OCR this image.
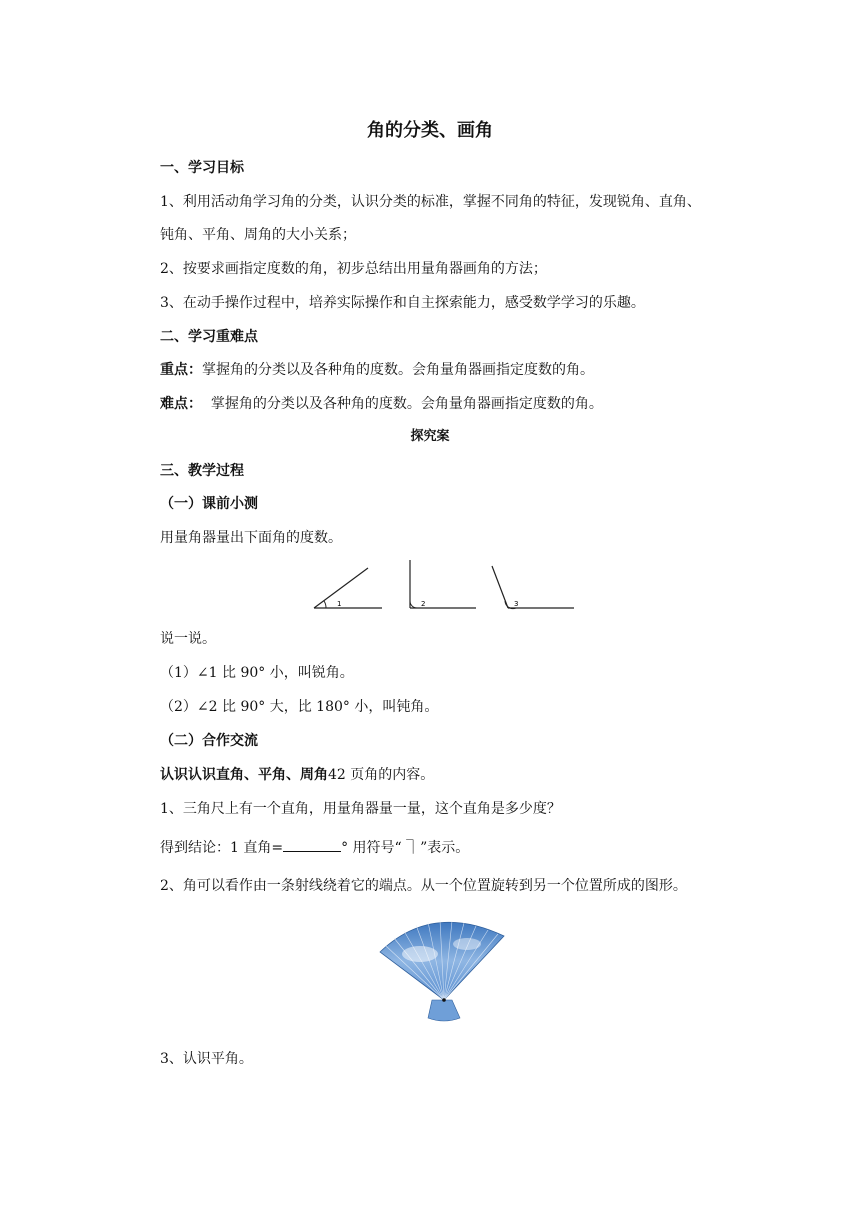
角的分类、画角
一、学习目标
1、利用活动角学习角的分类，认识分类的标准，掌握不同角的特征，发现锐角、直角、
钝角、平角、周角的大小关系；
2、按要求画指定度数的角，初步总结出用量角器画角的方法；
3、在动手操作过程中，培养实际操作和自主探索能力，感受数学学习的乐趣。
二、学习重难点
重点：掌握角的分类以及各种角的度数。会角量角器画指定度数的角。
难点：  掌握角的分类以及各种角的度数。会角量角器画指定度数的角。
探究案
三、教学过程
（一）课前小测
用量角器量出下面角的度数。
1	2	3
说一说。
（1）∠1 比 90° 小，叫锐角。
（2）∠2 比 90° 大，比 180° 小，叫钝角。
（二）合作交流
认识认识直角、平角、周角42 页角的内容。
1、三角尺上有一个直角，用量角器量一量，这个直角是多少度？
得到结论：1 直角=	° 用符号“ ⏋”表示。
2、角可以看作由一条射线绕着它的端点。从一个位置旋转到另一个位置所成的图形。
3、认识平角。
